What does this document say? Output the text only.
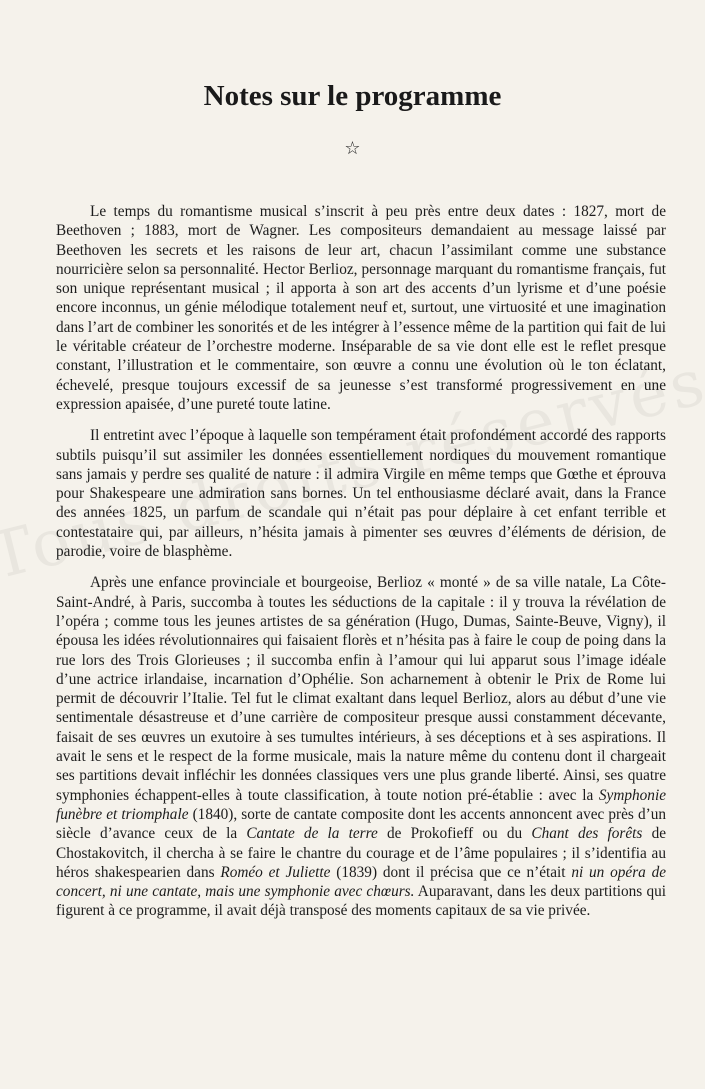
Notes sur le programme
☆

Le temps du romantisme musical s’inscrit à peu près entre deux dates : 1827, mort de Beethoven ; 1883, mort de Wagner. Les compositeurs demandaient au message laissé par Beethoven les secrets et les raisons de leur art, chacun l’assimilant comme une substance nourricière selon sa personnalité. Hector Berlioz, personnage marquant du romantisme français, fut son unique représentant musical ; il apporta à son art des accents d’un lyrisme et d’une poésie encore inconnus, un génie mélodique totalement neuf et, surtout, une virtuosité et une imagination dans l’art de combiner les sonorités et de les intégrer à l’essence même de la partition qui fait de lui le véritable créateur de l’orchestre moderne. Inséparable de sa vie dont elle est le reflet presque constant, l’illustration et le commentaire, son œuvre a connu une évolution où le ton éclatant, échevelé, presque toujours excessif de sa jeunesse s’est transformé progressivement en une expression apaisée, d’une pureté toute latine.

Il entretint avec l’époque à laquelle son tempérament était profondément accordé des rapports subtils puisqu’il sut assimiler les données essentiellement nordiques du mouvement romantique sans jamais y perdre ses qualité de nature : il admira Virgile en même temps que Gœthe et éprouva pour Shakespeare une admiration sans bornes. Un tel enthousiasme déclaré avait, dans la France des années 1825, un parfum de scandale qui n’était pas pour déplaire à cet enfant terrible et contestataire qui, par ailleurs, n’hésita jamais à pimenter ses œuvres d’éléments de dérision, de parodie, voire de blasphème.

Après une enfance provinciale et bourgeoise, Berlioz « monté » de sa ville natale, La Côte-Saint-André, à Paris, succomba à toutes les séductions de la capitale : il y trouva la révélation de l’opéra ; comme tous les jeunes artistes de sa génération (Hugo, Dumas, Sainte-Beuve, Vigny), il épousa les idées révolutionnaires qui faisaient florès et n’hésita pas à faire le coup de poing dans la rue lors des Trois Glorieuses ; il succomba enfin à l’amour qui lui apparut sous l’image idéale d’une actrice irlandaise, incarnation d’Ophélie. Son acharnement à obtenir le Prix de Rome lui permit de découvrir l’Italie. Tel fut le climat exaltant dans lequel Berlioz, alors au début d’une vie sentimentale désastreuse et d’une carrière de compositeur presque aussi constamment décevante, faisait de ses œuvres un exutoire à ses tumultes intérieurs, à ses déceptions et à ses aspirations. Il avait le sens et le respect de la forme musicale, mais la nature même du contenu dont il chargeait ses partitions devait infléchir les données classiques vers une plus grande liberté. Ainsi, ses quatre symphonies échappent-elles à toute classification, à toute notion pré-établie : avec la Symphonie funèbre et triomphale (1840), sorte de cantate composite dont les accents annoncent avec près d’un siècle d’avance ceux de la Cantate de la terre de Prokofieff ou du Chant des forêts de Chostakovitch, il chercha à se faire le chantre du courage et de l’âme populaires ; il s’identifia au héros shakespearien dans Roméo et Juliette (1839) dont il précisa que ce n’était ni un opéra de concert, ni une cantate, mais une symphonie avec chœurs. Auparavant, dans les deux partitions qui figurent à ce programme, il avait déjà transposé des moments capitaux de sa vie privée.
